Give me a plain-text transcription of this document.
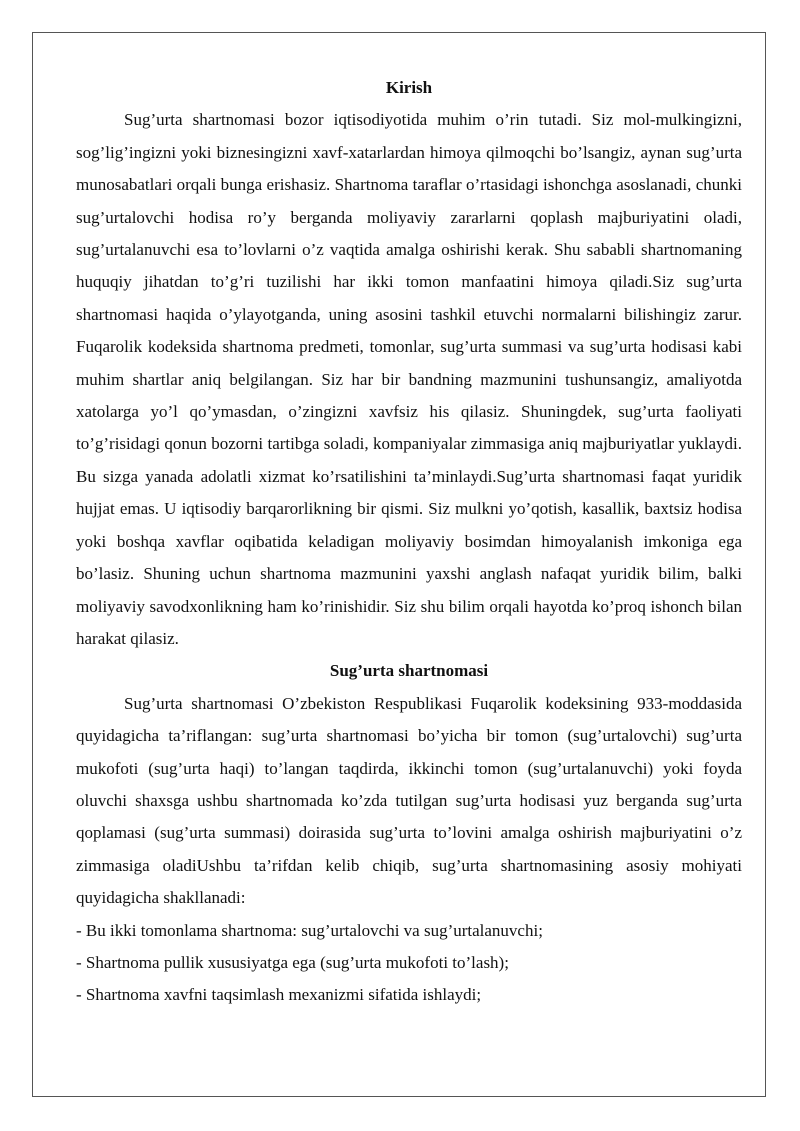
Kirish

Sug’urta shartnomasi bozor iqtisodiyotida muhim o’rin tutadi. Siz mol-mulkingizni, sog’lig’ingizni yoki biznesingizni xavf-xatarlardan himoya qilmoqchi bo’lsangiz, aynan sug’urta munosabatlari orqali bunga erishasiz. Shartnoma taraflar o’rtasidagi ishonchga asoslanadi, chunki sug’urtalovchi hodisa ro’y berganda moliyaviy zararlarni qoplash majburiyatini oladi, sug’urtalanuvchi esa to’lovlarni o’z vaqtida amalga oshirishi kerak. Shu sababli shartnomaning huquqiy jihatdan to’g’ri tuzilishi har ikki tomon manfaatini himoya qiladi.Siz sug’urta shartnomasi haqida o’ylayotganda, uning asosini tashkil etuvchi normalarni bilishingiz zarur. Fuqarolik kodeksida shartnoma predmeti, tomonlar, sug’urta summasi va sug’urta hodisasi kabi muhim shartlar aniq belgilangan. Siz har bir bandning mazmunini tushunsangiz, amaliyotda xatolarga yo’l qo’ymasdan, o’zingizni xavfsiz his qilasiz. Shuningdek, sug’urta faoliyati to’g’risidagi qonun bozorni tartibga soladi, kompaniyalar zimmasiga aniq majburiyatlar yuklaydi. Bu sizga yanada adolatli xizmat ko’rsatilishini ta’minlaydi.Sug’urta shartnomasi faqat yuridik hujjat emas. U iqtisodiy barqarorlikning bir qismi. Siz mulkni yo’qotish, kasallik, baxtsiz hodisa yoki boshqa xavflar oqibatida keladigan moliyaviy bosimdan himoyalanish imkoniga ega bo’lasiz. Shuning uchun shartnoma mazmunini yaxshi anglash nafaqat yuridik bilim, balki moliyaviy savodxonlikning ham ko’rinishidir. Siz shu bilim orqali hayotda ko’proq ishonch bilan harakat qilasiz.

Sug’urta shartnomasi

Sug’urta shartnomasi O’zbekiston Respublikasi Fuqarolik kodeksining 933-moddasida quyidagicha ta’riflangan: sug’urta shartnomasi bo’yicha bir tomon (sug’urtalovchi) sug’urta mukofoti (sug’urta haqi) to’langan taqdirda, ikkinchi tomon (sug’urtalanuvchi) yoki foyda oluvchi shaxsga ushbu shartnomada ko’zda tutilgan sug’urta hodisasi yuz berganda sug’urta qoplamasi (sug’urta summasi) doirasida sug’urta to’lovini amalga oshirish majburiyatini o’z zimmasiga oladiUshbu ta’rifdan kelib chiqib, sug’urta shartnomasining asosiy mohiyati quyidagicha shakllanadi:

- Bu ikki tomonlama shartnoma: sug’urtalovchi va sug’urtalanuvchi;

- Shartnoma pullik xususiyatga ega (sug’urta mukofoti to’lash);

- Shartnoma xavfni taqsimlash mexanizmi sifatida ishlaydi;
